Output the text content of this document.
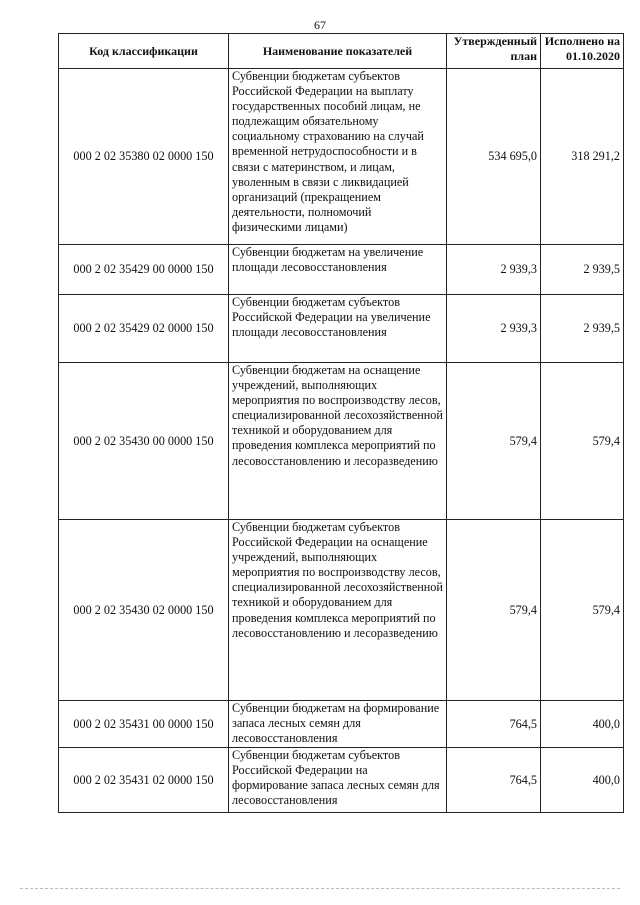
67
Код классификации	Наименование показателей	Утвержденный план	Исполнено на 01.10.2020
000 2 02 35380 02 0000 150	Субвенции бюджетам субъектов Российской Федерации на выплату государственных пособий лицам, не подлежащим обязательному социальному страхованию на случай временной нетрудоспособности и в связи с материнством, и лицам, уволенным в связи с ликвидацией организаций (прекращением деятельности, полномочий физическими лицами)	534 695,0	318 291,2
000 2 02 35429 00 0000 150	Субвенции бюджетам на увеличение площади лесовосстановления	2 939,3	2 939,5
000 2 02 35429 02 0000 150	Субвенции бюджетам субъектов Российской Федерации на увеличение площади лесовосстановления	2 939,3	2 939,5
000 2 02 35430 00 0000 150	Субвенции бюджетам на оснащение учреждений, выполняющих мероприятия по воспроизводству лесов, специализированной лесохозяйственной техникой и оборудованием для проведения комплекса мероприятий по лесовосстановлению и лесоразведению	579,4	579,4
000 2 02 35430 02 0000 150	Субвенции бюджетам субъектов Российской Федерации на оснащение учреждений, выполняющих мероприятия по воспроизводству лесов, специализированной лесохозяйственной техникой и оборудованием для проведения комплекса мероприятий по лесовосстановлению и лесоразведению	579,4	579,4
000 2 02 35431 00 0000 150	Субвенции бюджетам на формирование запаса лесных семян для лесовосстановления	764,5	400,0
000 2 02 35431 02 0000 150	Субвенции бюджетам субъектов Российской Федерации на формирование запаса лесных семян для лесовосстановления	764,5	400,0
